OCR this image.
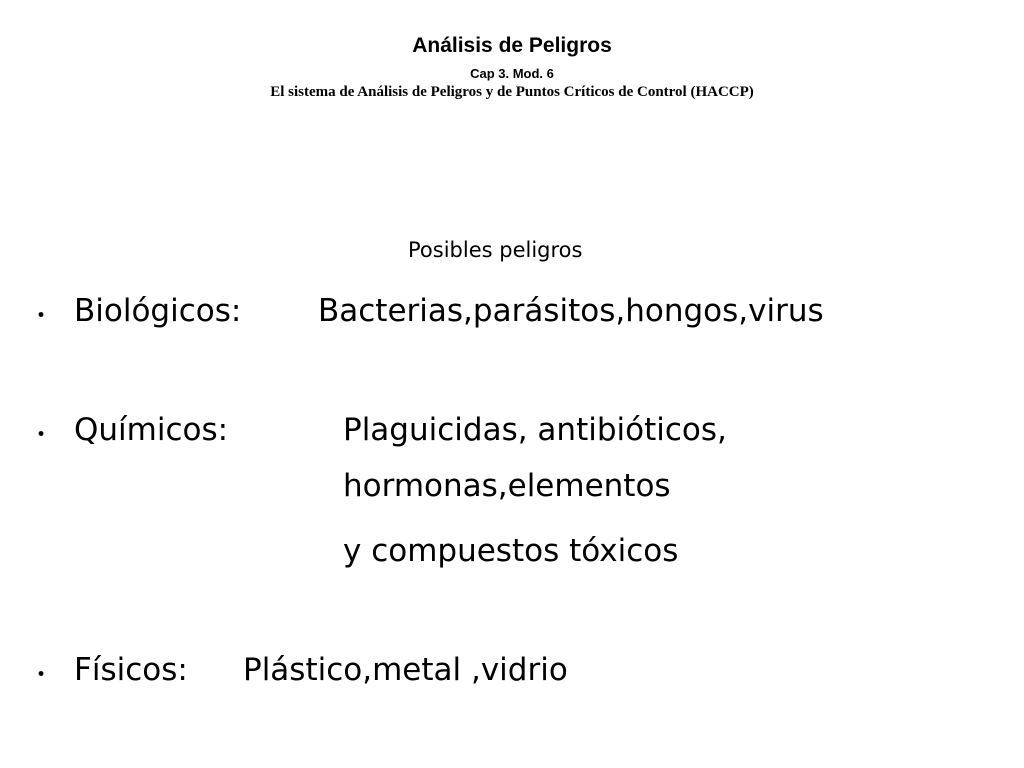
Análisis de Peligros
Cap 3. Mod. 6
El sistema de Análisis de Peligros y de Puntos Críticos de Control (HACCP)
Posibles peligros
・ Biológicos: Bacterias,parásitos,hongos,virus
・ Químicos:	Plaguicidas, antibióticos,
hormonas,elementos
y compuestos tóxicos
・ Físicos: Plástico,metal ,vidrio
